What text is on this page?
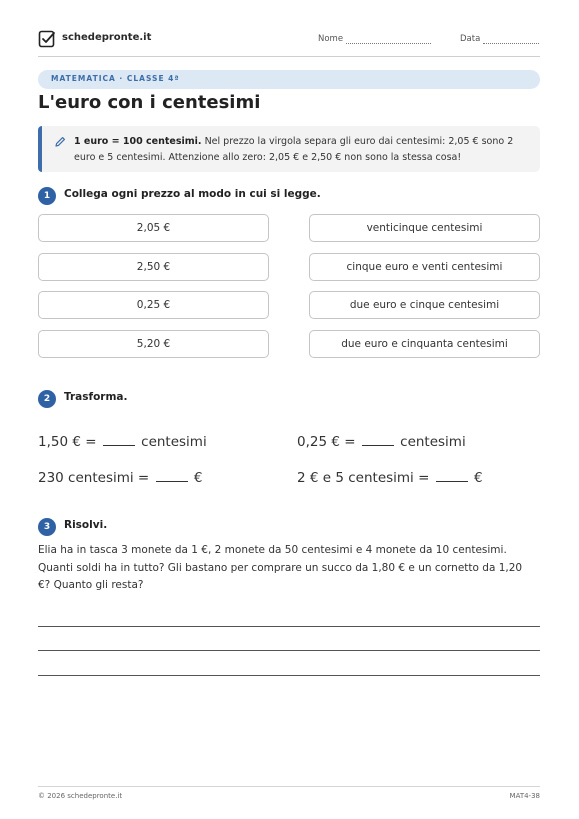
schedepronte.it	Nome	Data
MATEMATICA · CLASSE 4ª
L'euro con i centesimi
1 euro = 100 centesimi. Nel prezzo la virgola separa gli euro dai centesimi: 2,05 € sono 2 euro e 5 centesimi. Attenzione allo zero: 2,05 € e 2,50 € non sono la stessa cosa!
1	Collega ogni prezzo al modo in cui si legge.
2,05 €
2,50 €
0,25 €
5,20 €
venticinque centesimi
cinque euro e venti centesimi
due euro e cinque centesimi
due euro e cinquanta centesimi
2	Trasforma.
1,50 € =	centesimi	0,25 € =	centesimi
230 centesimi =	€	2 € e 5 centesimi =	€
3	Risolvi.
Elia ha in tasca 3 monete da 1 €, 2 monete da 50 centesimi e 4 monete da 10 centesimi. Quanti soldi ha in tutto? Gli bastano per comprare un succo da 1,80 € e un cornetto da 1,20 €? Quanto gli resta?
© 2026 schedepronte.it	MAT4-38
